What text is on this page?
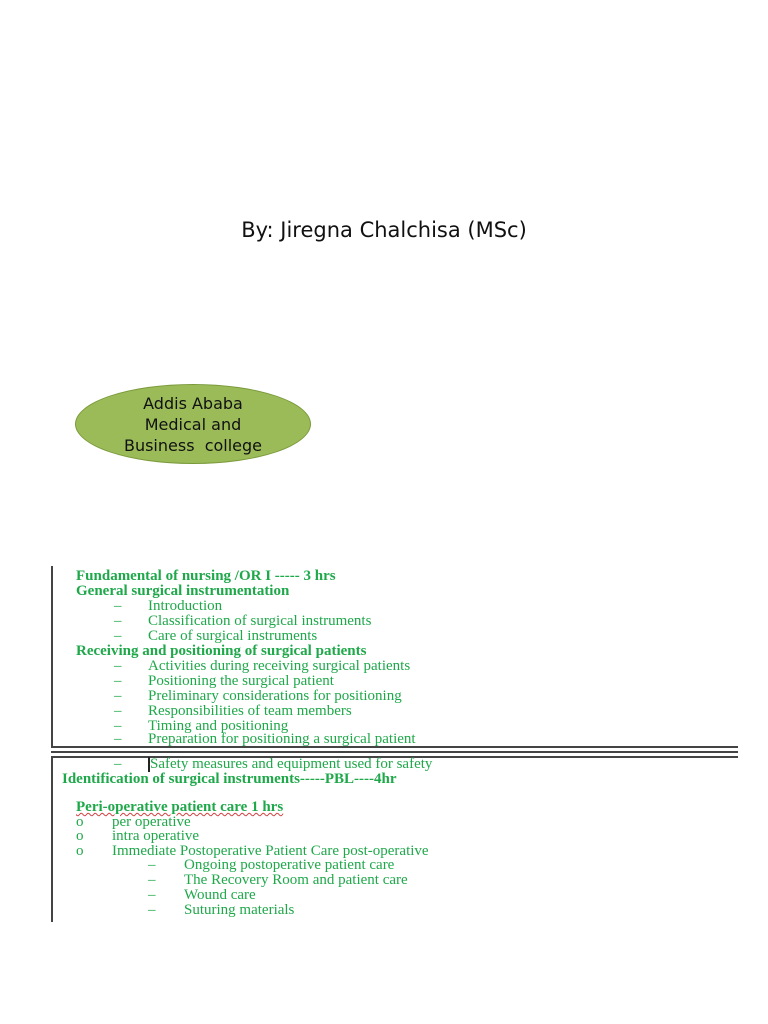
By: Jiregna Chalchisa (MSc)
Addis Ababa
Medical and
Business  college
Fundamental of nursing /OR I ----- 3 hrs
General surgical instrumentation
– Introduction
– Classification of surgical instruments
– Care of surgical instruments
Receiving and positioning of surgical patients
– Activities during receiving surgical patients
– Positioning the surgical patient
– Preliminary considerations for positioning
– Responsibilities of team members
– Timing and positioning
– Preparation for positioning a surgical patient
– Safety measures and equipment used for safety
Identification of surgical instruments-----PBL----4hr
Peri-operative patient care 1 hrs
o per operative
o intra operative
o Immediate Postoperative Patient Care post-operative
– Ongoing postoperative patient care
– The Recovery Room and patient care
– Wound care
– Suturing materials
